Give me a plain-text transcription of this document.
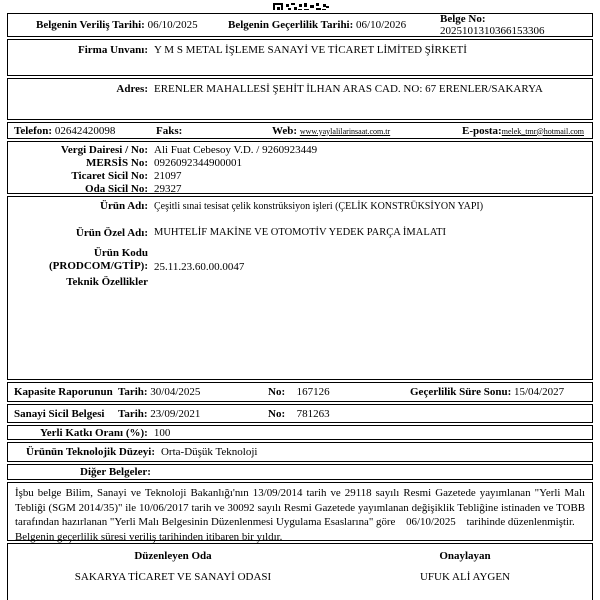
Belgenin Veriliş Tarihi: 06/10/2025	Belgenin Geçerlilik Tarihi: 06/10/2026	Belge No: 2025101310366153306
Firma Unvanı: Y M S METAL İŞLEME SANAYİ VE TİCARET LİMİTED ŞİRKETİ
Adres: ERENLER MAHALLESİ ŞEHİT İLHAN ARAS CAD. NO: 67 ERENLER/SAKARYA
Telefon: 02642420098	Faks:	Web: www.yaylalilarinsaat.com.tr	E-posta:melek_tmr@hotmail.com
Vergi Dairesi / No: Ali Fuat Cebesoy V.D. / 9260923449
MERSİS No: 0926092344900001
Ticaret Sicil No: 21097
Oda Sicil No: 29327
Ürün Adı: Çeşitli sınai tesisat çelik konstrüksiyon işleri (ÇELİK KONSTRÜKSİYON YAPI)
Ürün Özel Adı: MUHTELİF MAKİNE VE OTOMOTİV YEDEK PARÇA İMALATI
Ürün Kodu
(PRODCOM/GTİP): 25.11.23.60.00.0047
Teknik Özellikler
Kapasite Raporunun Tarih: 30/04/2025	No: 167126	Geçerlilik Süre Sonu: 15/04/2027
Sanayi Sicil Belgesi	Tarih: 23/09/2021	No: 781263
Yerli Katkı Oranı (%): 100
Ürünün Teknolojik Düzeyi: Orta-Düşük Teknoloji
Diğer Belgeler:
İşbu belge Bilim, Sanayi ve Teknoloji Bakanlığı'nın 13/09/2014 tarih ve 29118 sayılı Resmi Gazetede yayımlanan "Yerli Malı Tebliği (SGM 2014/35)" ile 10/06/2017 tarih ve 30092 sayılı Resmi Gazetede yayımlanan değişiklik Tebliğine istinaden ve TOBB tarafından hazırlanan "Yerli Malı Belgesinin Düzenlenmesi Uygulama Esaslarına" göre 06/10/2025 tarihinde düzenlenmiştir.
Belgenin geçerlilik süresi veriliş tarihinden itibaren bir yıldır.
Düzenleyen Oda
SAKARYA TİCARET VE SANAYİ ODASI
Onaylayan
UFUK ALİ AYGEN
